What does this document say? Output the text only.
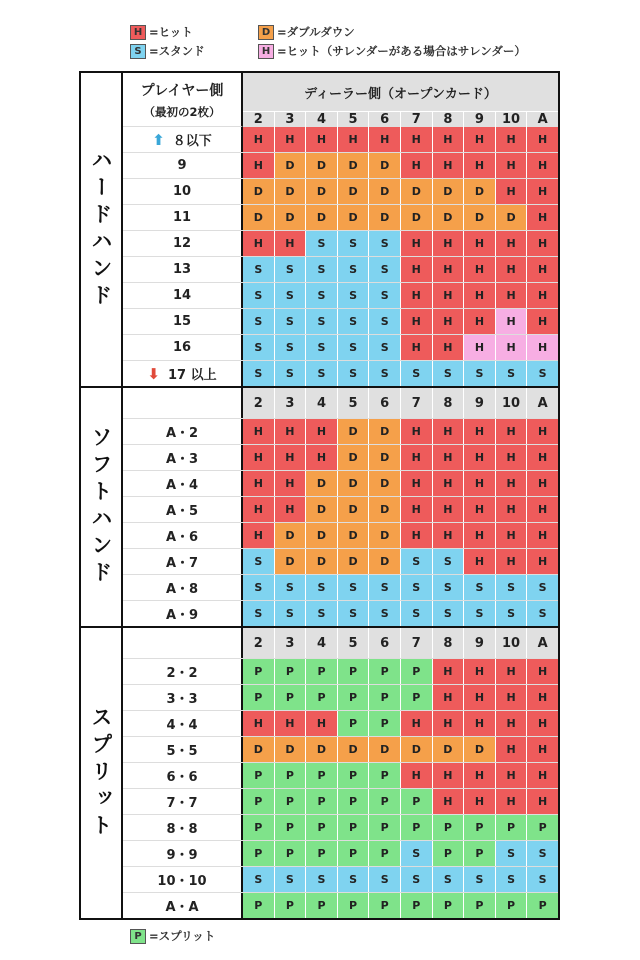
H =ヒット	D =ダブルダウン
S =スタンド	H =ヒット（サレンダーがある場合はサレンダー）
P =スプリット
ハードハンド
プレイヤー側
（最初の2枚）
ディーラー側（オープンカード）
2	3	4	5	6	7	8	9	10	A
⬆ ８以下	H	H	H	H	H	H	H	H	H	H
9	H	D	D	D	D	H	H	H	H	H
10	D	D	D	D	D	D	D	D	H	H
11	D	D	D	D	D	D	D	D	D	H
12	H	H	S	S	S	H	H	H	H	H
13	S	S	S	S	S	H	H	H	H	H
14	S	S	S	S	S	H	H	H	H	H
15	S	S	S	S	S	H	H	H	H	H
16	S	S	S	S	S	H	H	H	H	H
⬇ 17 以上	S	S	S	S	S	S	S	S	S	S
ソフトハンド
2	3	4	5	6	7	8	9	10	A
A・2	H	H	H	D	D	H	H	H	H	H
A・3	H	H	H	D	D	H	H	H	H	H
A・4	H	H	D	D	D	H	H	H	H	H
A・5	H	H	D	D	D	H	H	H	H	H
A・6	H	D	D	D	D	H	H	H	H	H
A・7	S	D	D	D	D	S	S	H	H	H
A・8	S	S	S	S	S	S	S	S	S	S
A・9	S	S	S	S	S	S	S	S	S	S
スプリット
2	3	4	5	6	7	8	9	10	A
2・2	P	P	P	P	P	P	H	H	H	H
3・3	P	P	P	P	P	P	H	H	H	H
4・4	H	H	H	P	P	H	H	H	H	H
5・5	D	D	D	D	D	D	D	D	H	H
6・6	P	P	P	P	P	H	H	H	H	H
7・7	P	P	P	P	P	P	H	H	H	H
8・8	P	P	P	P	P	P	P	P	P	P
9・9	P	P	P	P	P	S	P	P	S	S
10・10	S	S	S	S	S	S	S	S	S	S
A・A	P	P	P	P	P	P	P	P	P	P
